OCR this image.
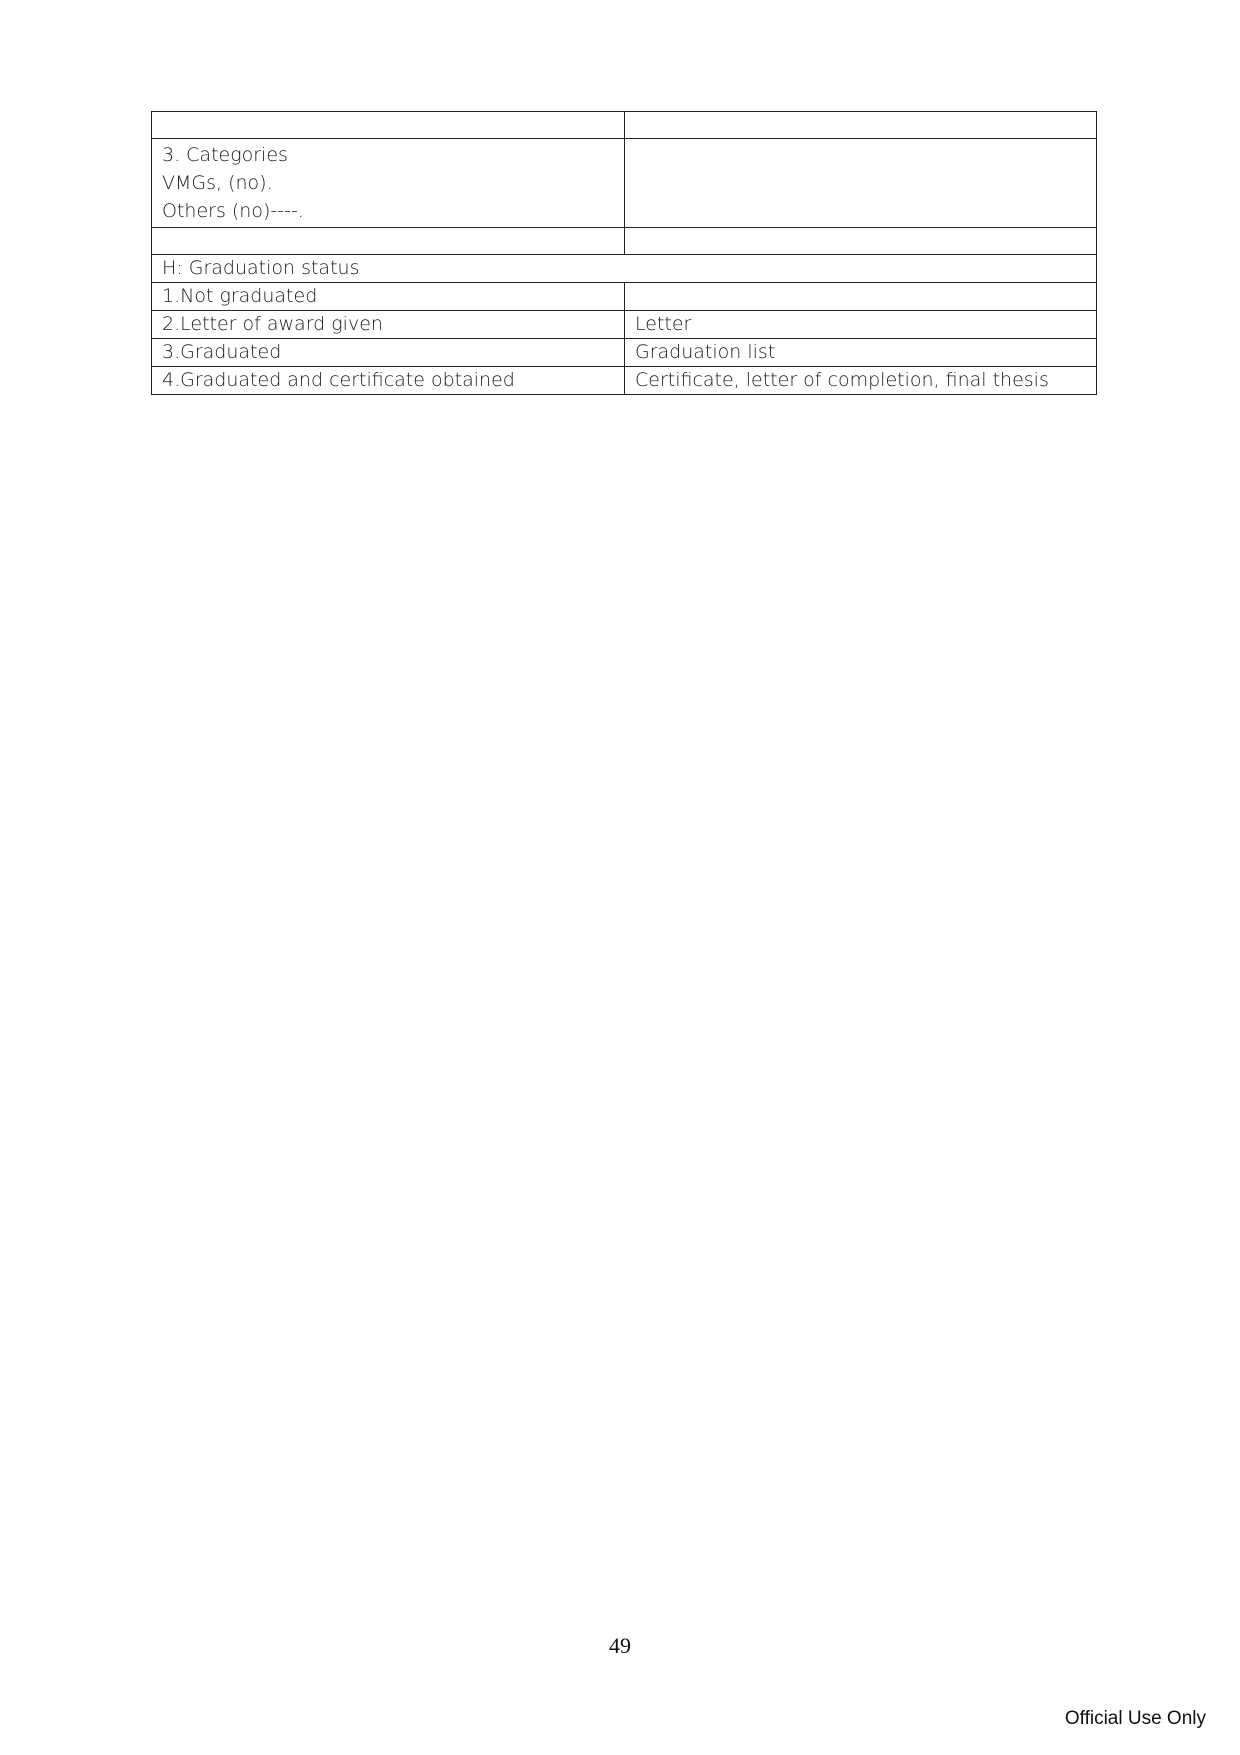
3. Categories
VMGs, (no).
Others (no)----.	

H: Graduation status	
1.Not graduated	
2.Letter of award given	Letter
3.Graduated	Graduation list
4.Graduated and certificate obtained	Certificate, letter of completion, final thesis
49
Official Use Only
